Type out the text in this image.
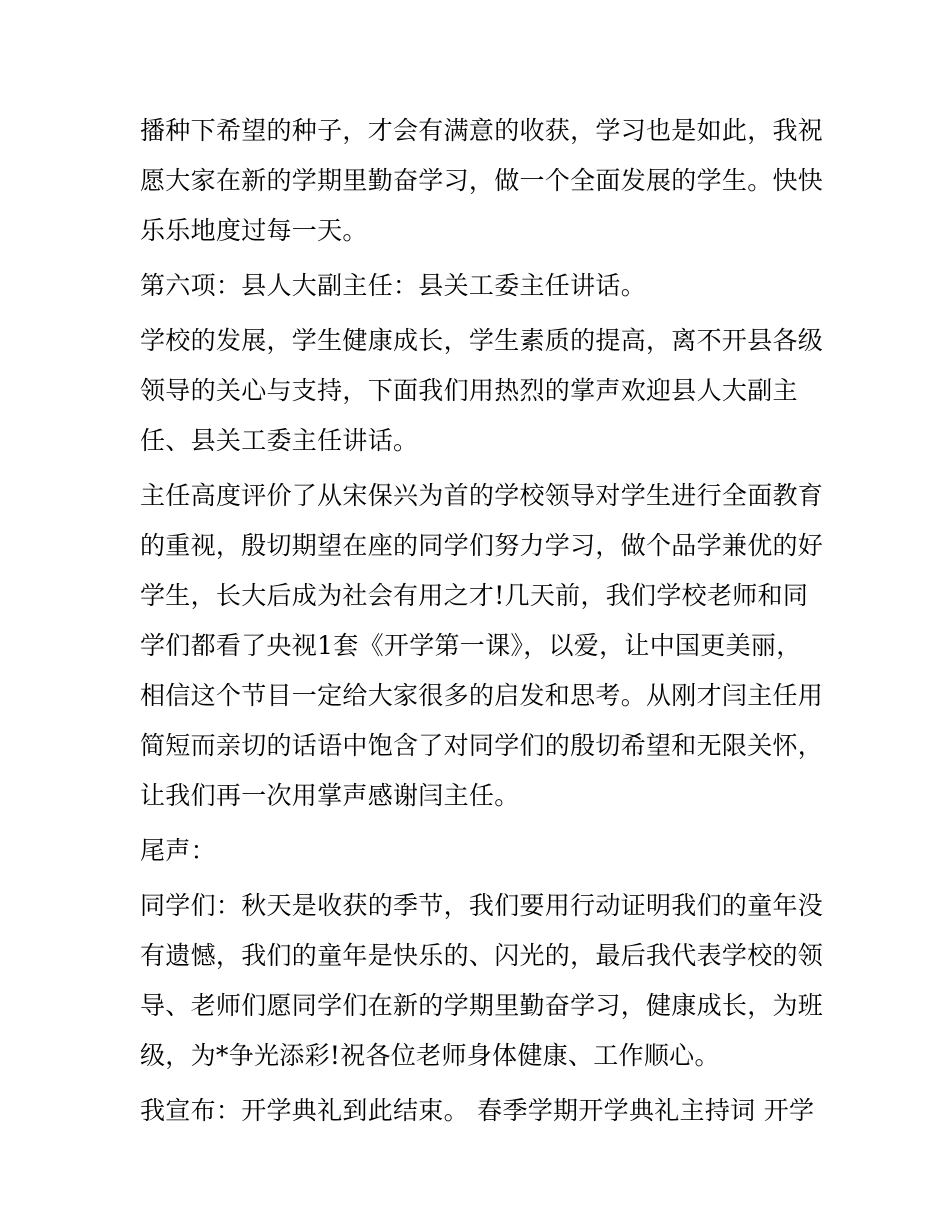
播种下希望的种子，才会有满意的收获，学习也是如此，我祝
愿大家在新的学期里勤奋学习，做一个全面发展的学生。快快
乐乐地度过每一天。

第六项：县人大副主任：县关工委主任讲话。

学校的发展，学生健康成长，学生素质的提高，离不开县各级
领导的关心与支持，下面我们用热烈的掌声欢迎县人大副主
任、县关工委主任讲话。

主任高度评价了从宋保兴为首的学校领导对学生进行全面教育
的重视，殷切期望在座的同学们努力学习，做个品学兼优的好
学生，长大后成为社会有用之才!几天前，我们学校老师和同
学们都看了央视1套《开学第一课》，以爱，让中国更美丽，
相信这个节目一定给大家很多的启发和思考。从刚才闫主任用
简短而亲切的话语中饱含了对同学们的殷切希望和无限关怀，
让我们再一次用掌声感谢闫主任。

尾声：

同学们：秋天是收获的季节，我们要用行动证明我们的童年没
有遗憾，我们的童年是快乐的、闪光的，最后我代表学校的领
导、老师们愿同学们在新的学期里勤奋学习，健康成长，为班
级，为*争光添彩!祝各位老师身体健康、工作顺心。

我宣布：开学典礼到此结束。 春季学期开学典礼主持词 开学
